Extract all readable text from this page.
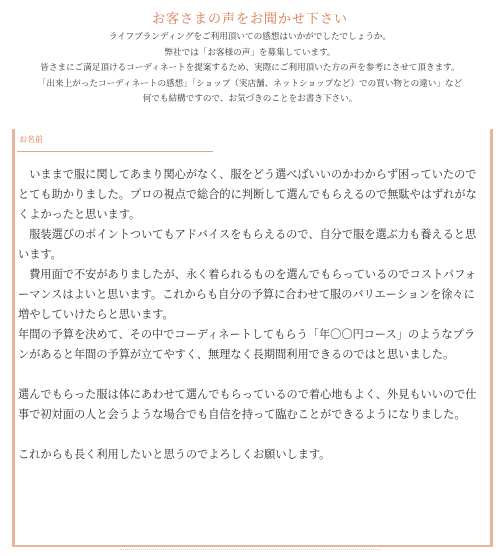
お客さまの声をお聞かせ下さい
ライフブランディングをご利用頂いての感想はいかがでしたでしょうか。
弊社では「お客様の声」を募集しています。
皆さまにご満足頂けるコーディネートを提案するため、実際にご利用頂いた方の声を参考にさせて頂きます。
「出来上がったコーディネートの感想」「ショップ（実店舗、ネットショップなど）での買い物との違い」など
何でも結構ですので、お気づきのことをお書き下さい。
お名前

　いままで服に関してあまり関心がなく、服をどう選べばいいのかわからず困っていたのでとても助かりました。プロの視点で総合的に判断して選んでもらえるので無駄やはずれがなくよかったと思います。

　服装選びのポイントついてもアドバイスをもらえるので、自分で服を選ぶ力も養えると思います。

　費用面で不安がありましたが、永く着られるものを選んでもらっているのでコストパフォーマンスはよいと思います。これからも自分の予算に合わせて服のバリエーションを徐々に増やしていけたらと思います。

年間の予算を決めて、その中でコーディネートしてもらう「年〇〇円コース」のようなプランがあると年間の予算が立てやすく、無理なく長期間利用できるのではと思いました。

選んでもらった服は体にあわせて選んでもらっているので着心地もよく、外見もいいので仕事で初対面の人と会うような場合でも自信を持って臨むことができるようになりました。

これからも長く利用したいと思うのでよろしくお願いします。
